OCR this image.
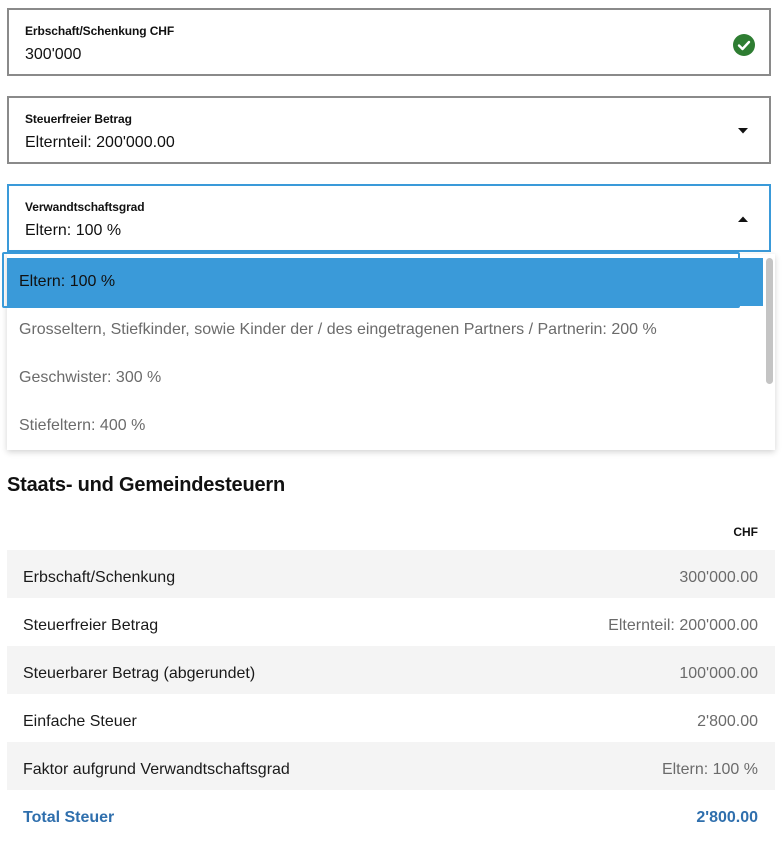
Erbschaft/Schenkung CHF
300'000
Steuerfreier Betrag
Elternteil: 200'000.00
Verwandtschaftsgrad
Eltern: 100 %
Eltern: 100 %
Grosseltern, Stiefkinder, sowie Kinder der / des eingetragenen Partners / Partnerin: 200 %
Geschwister: 300 %
Stiefeltern: 400 %
Staats- und Gemeindesteuern
CHF
Erbschaft/Schenkung	300'000.00
Steuerfreier Betrag	Elternteil: 200'000.00
Steuerbarer Betrag (abgerundet)	100'000.00
Einfache Steuer	2'800.00
Faktor aufgrund Verwandtschaftsgrad	Eltern: 100 %
Total Steuer	2'800.00
